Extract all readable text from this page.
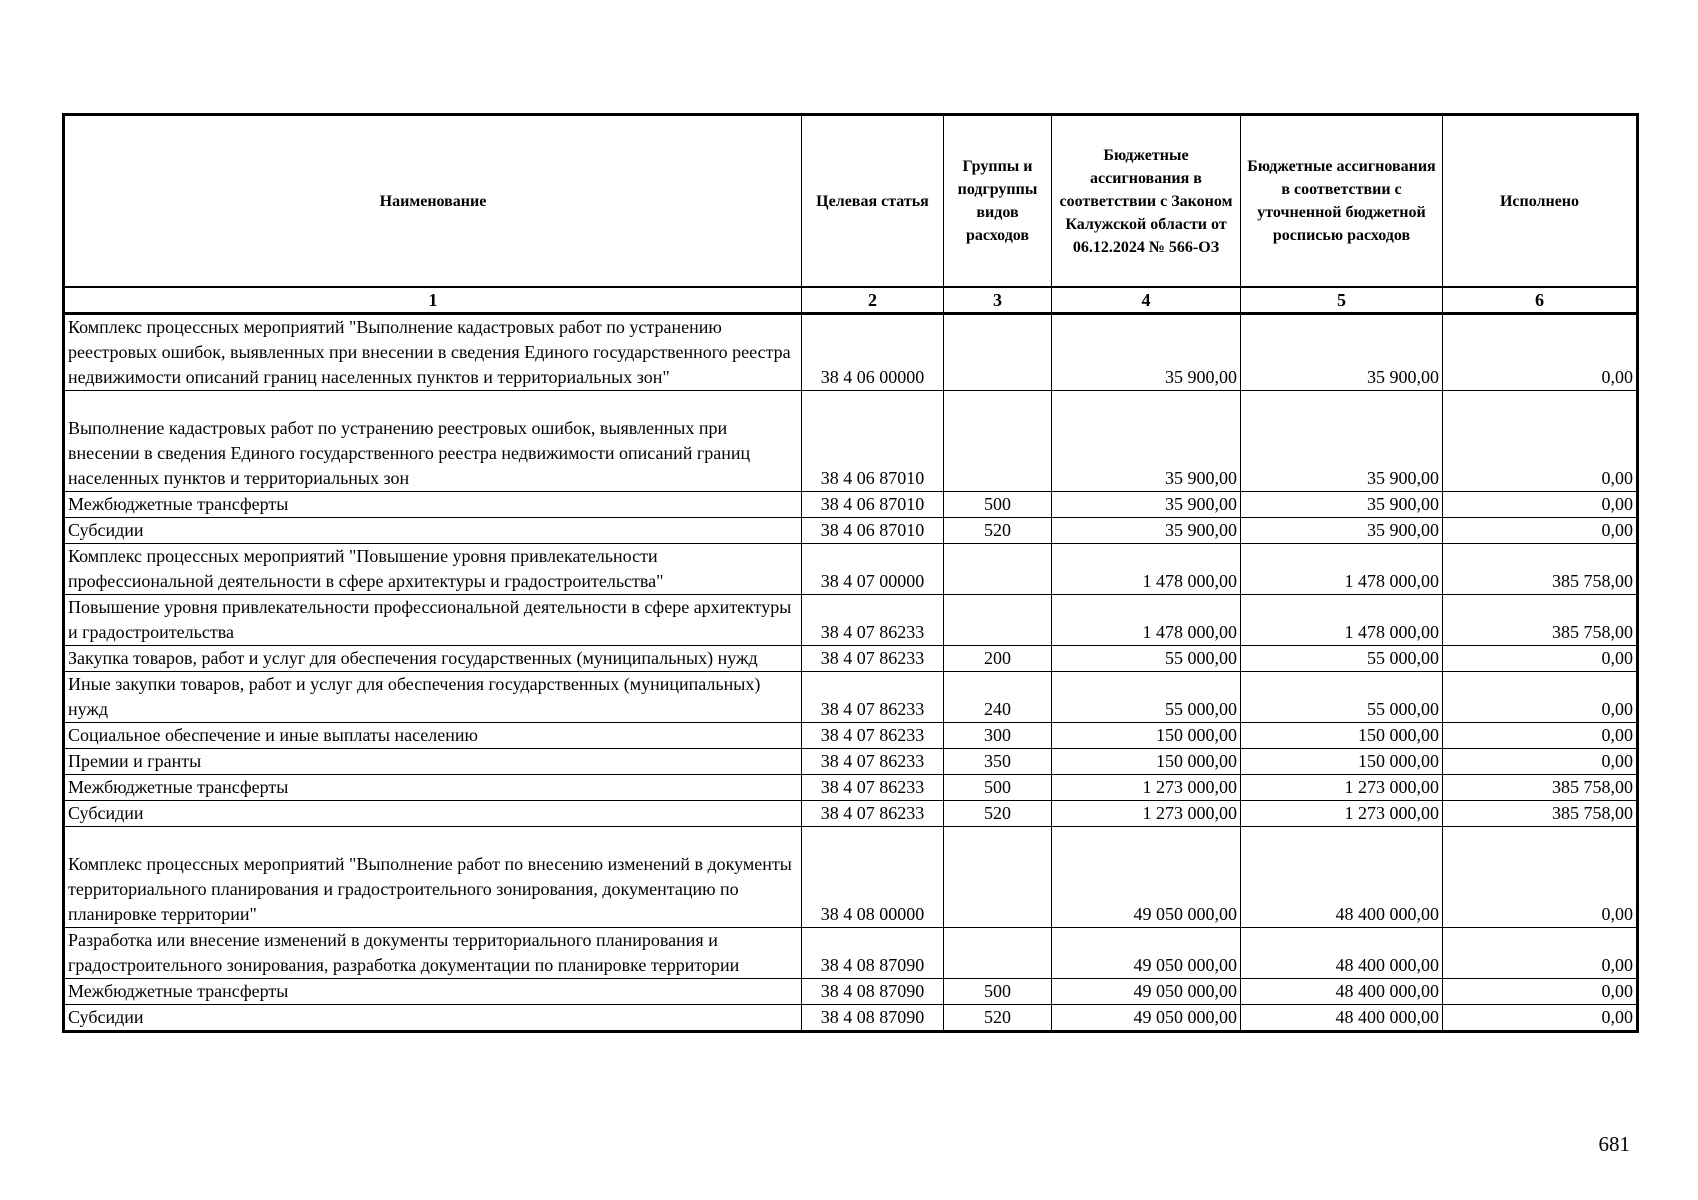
Наименование	Целевая статья	Группы и подгруппы видов расходов	Бюджетные ассигнования в соответствии с Законом Калужской области от 06.12.2024 № 566-ОЗ	Бюджетные ассигнования в соответствии с уточненной бюджетной росписью расходов	Исполнено
1	2	3	4	5	6
Комплекс процессных мероприятий "Выполнение кадастровых работ по устранению реестровых ошибок, выявленных при внесении в сведения Единого государственного реестра недвижимости описаний границ населенных пунктов и территориальных зон"	38 4 06 00000		35 900,00	35 900,00	0,00
Выполнение кадастровых работ по устранению реестровых ошибок, выявленных при внесении в сведения Единого государственного реестра недвижимости описаний границ населенных пунктов и территориальных зон	38 4 06 87010		35 900,00	35 900,00	0,00
Межбюджетные трансферты	38 4 06 87010	500	35 900,00	35 900,00	0,00
Субсидии	38 4 06 87010	520	35 900,00	35 900,00	0,00
Комплекс процессных мероприятий "Повышение уровня привлекательности профессиональной деятельности в сфере архитектуры и градостроительства"	38 4 07 00000		1 478 000,00	1 478 000,00	385 758,00
Повышение уровня привлекательности профессиональной деятельности в сфере архитектуры и градостроительства	38 4 07 86233		1 478 000,00	1 478 000,00	385 758,00
Закупка товаров, работ и услуг для обеспечения государственных (муниципальных) нужд	38 4 07 86233	200	55 000,00	55 000,00	0,00
Иные закупки товаров, работ и услуг для обеспечения государственных (муниципальных) нужд	38 4 07 86233	240	55 000,00	55 000,00	0,00
Социальное обеспечение и иные выплаты населению	38 4 07 86233	300	150 000,00	150 000,00	0,00
Премии и гранты	38 4 07 86233	350	150 000,00	150 000,00	0,00
Межбюджетные трансферты	38 4 07 86233	500	1 273 000,00	1 273 000,00	385 758,00
Субсидии	38 4 07 86233	520	1 273 000,00	1 273 000,00	385 758,00
Комплекс процессных мероприятий "Выполнение работ по внесению изменений в документы территориального планирования и градостроительного зонирования, документацию по планировке территории"	38 4 08 00000		49 050 000,00	48 400 000,00	0,00
Разработка или внесение изменений в документы территориального планирования и градостроительного зонирования, разработка документации по планировке территории	38 4 08 87090		49 050 000,00	48 400 000,00	0,00
Межбюджетные трансферты	38 4 08 87090	500	49 050 000,00	48 400 000,00	0,00
Субсидии	38 4 08 87090	520	49 050 000,00	48 400 000,00	0,00
681
